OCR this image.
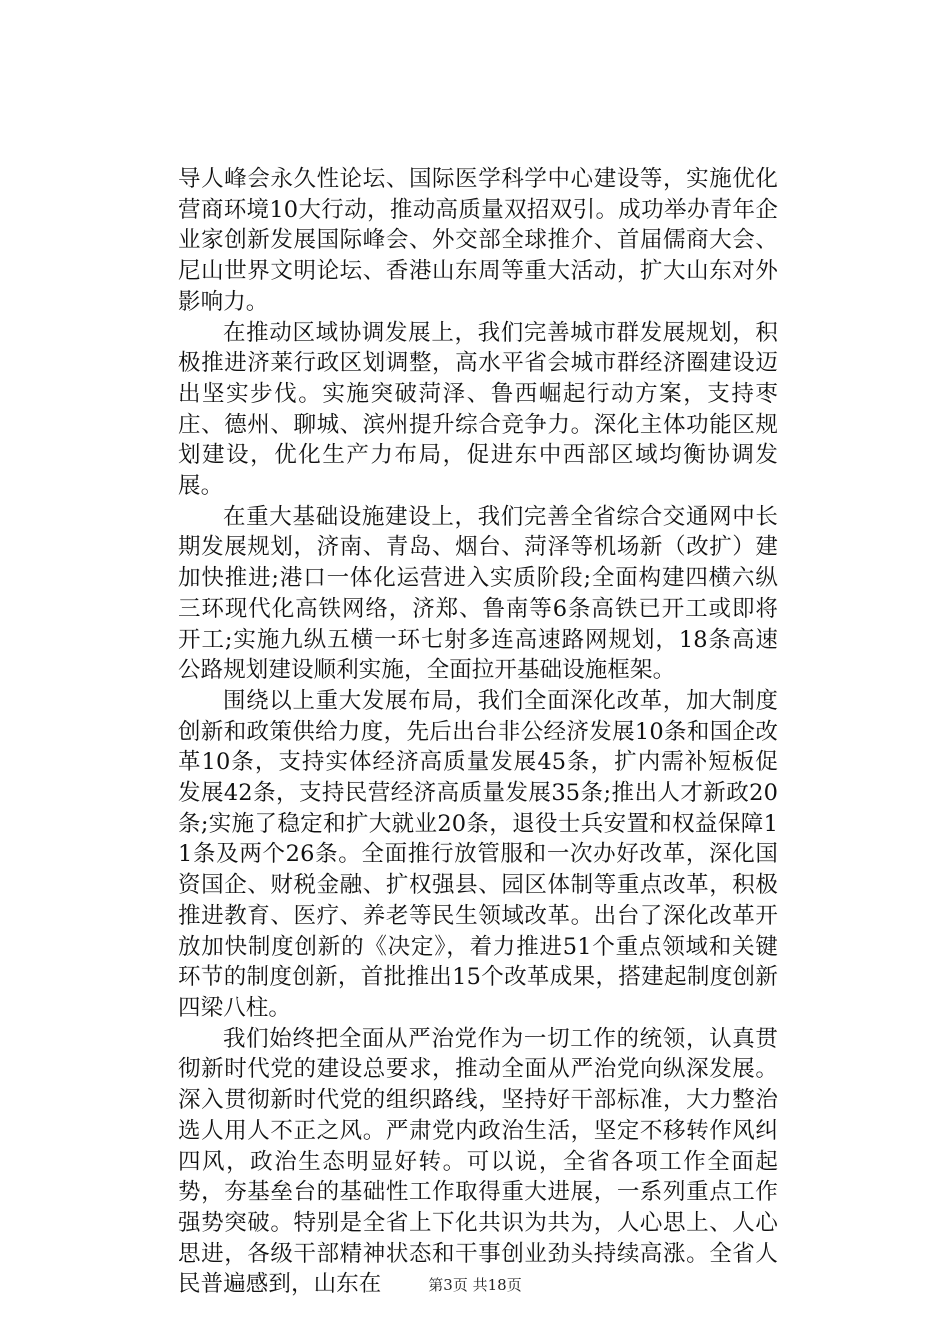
导人峰会永久性论坛、国际医学科学中心建设等，实施优化营商环境10大行动，推动高质量双招双引。成功举办青年企业家创新发展国际峰会、外交部全球推介、首届儒商大会、尼山世界文明论坛、香港山东周等重大活动，扩大山东对外影响力。

在推动区域协调发展上，我们完善城市群发展规划，积极推进济莱行政区划调整，高水平省会城市群经济圈建设迈出坚实步伐。实施突破菏泽、鲁西崛起行动方案，支持枣庄、德州、聊城、滨州提升综合竞争力。深化主体功能区规划建设，优化生产力布局，促进东中西部区域均衡协调发展。

在重大基础设施建设上，我们完善全省综合交通网中长期发展规划，济南、青岛、烟台、菏泽等机场新（改扩）建加快推进;港口一体化运营进入实质阶段;全面构建四横六纵三环现代化高铁网络，济郑、鲁南等6条高铁已开工或即将开工;实施九纵五横一环七射多连高速路网规划，18条高速公路规划建设顺利实施，全面拉开基础设施框架。

围绕以上重大发展布局，我们全面深化改革，加大制度创新和政策供给力度，先后出台非公经济发展10条和国企改革10条，支持实体经济高质量发展45条，扩内需补短板促发展42条，支持民营经济高质量发展35条;推出人才新政20条;实施了稳定和扩大就业20条，退役士兵安置和权益保障11条及两个26条。全面推行放管服和一次办好改革，深化国资国企、财税金融、扩权强县、园区体制等重点改革，积极推进教育、医疗、养老等民生领域改革。出台了深化改革开放加快制度创新的《决定》，着力推进51个重点领域和关键环节的制度创新，首批推出15个改革成果，搭建起制度创新四梁八柱。

我们始终把全面从严治党作为一切工作的统领，认真贯彻新时代党的建设总要求，推动全面从严治党向纵深发展。深入贯彻新时代党的组织路线，坚持好干部标准，大力整治选人用人不正之风。严肃党内政治生活，坚定不移转作风纠四风，政治生态明显好转。可以说，全省各项工作全面起势，夯基垒台的基础性工作取得重大进展，一系列重点工作强势突破。特别是全省上下化共识为共为，人心思上、人心思进，各级干部精神状态和干事创业劲头持续高涨。全省人民普遍感到，山东在	第3页 共18页
